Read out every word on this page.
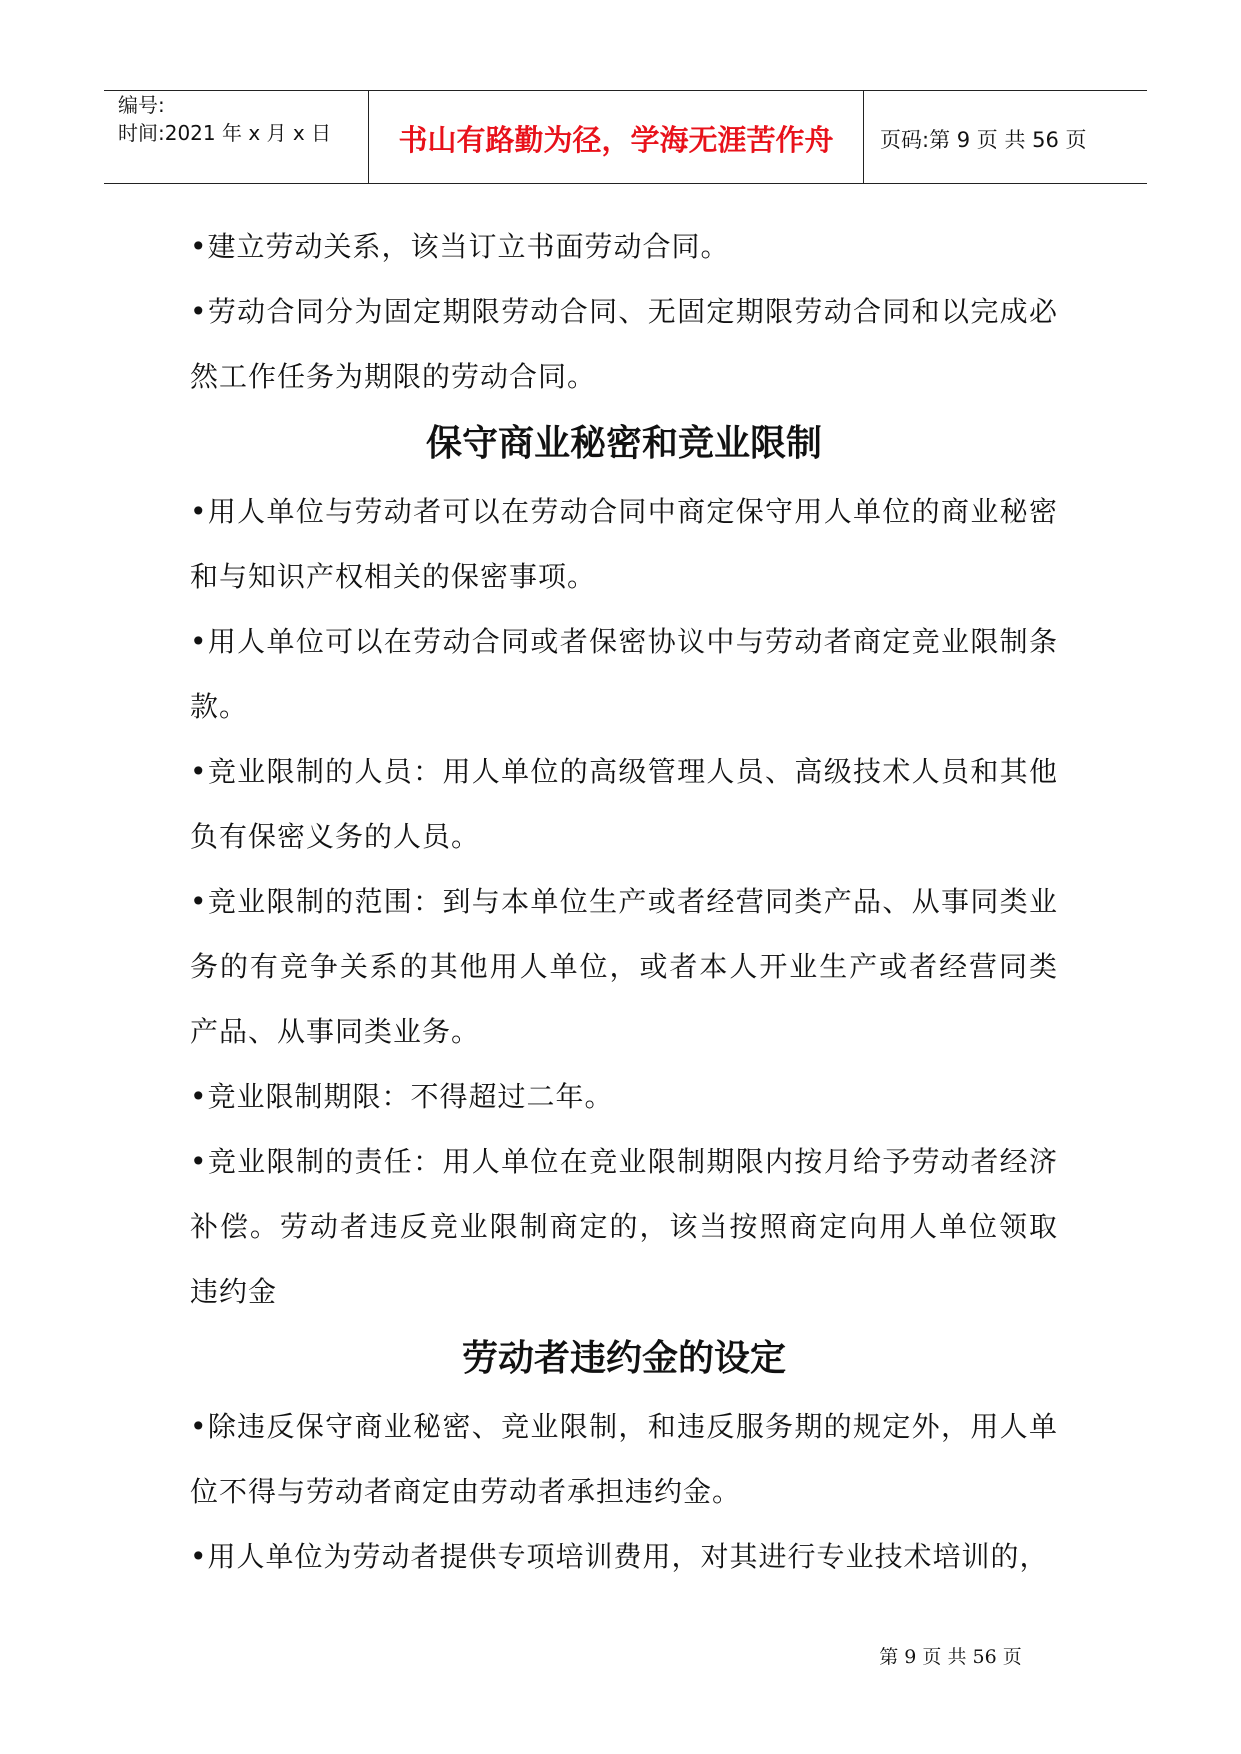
编号:
时间:2021 年 x 月 x 日	书山有路勤为径，学海无涯苦作舟	页码:第 9 页 共 56 页

•建立劳动关系，该当订立书面劳动合同。

•劳动合同分为固定期限劳动合同、无固定期限劳动合同和以完成必然工作任务为期限的劳动合同。

保守商业秘密和竞业限制

•用人单位与劳动者可以在劳动合同中商定保守用人单位的商业秘密和与知识产权相关的保密事项。

•用人单位可以在劳动合同或者保密协议中与劳动者商定竞业限制条款。

•竞业限制的人员：用人单位的高级管理人员、高级技术人员和其他负有保密义务的人员。

•竞业限制的范围：到与本单位生产或者经营同类产品、从事同类业务的有竞争关系的其他用人单位，或者本人开业生产或者经营同类产品、从事同类业务。

•竞业限制期限：不得超过二年。

•竞业限制的责任：用人单位在竞业限制期限内按月给予劳动者经济补偿。劳动者违反竞业限制商定的，该当按照商定向用人单位领取违约金

劳动者违约金的设定

•除违反保守商业秘密、竞业限制，和违反服务期的规定外，用人单位不得与劳动者商定由劳动者承担违约金。

•用人单位为劳动者提供专项培训费用，对其进行专业技术培训的，

第 9 页 共 56 页
